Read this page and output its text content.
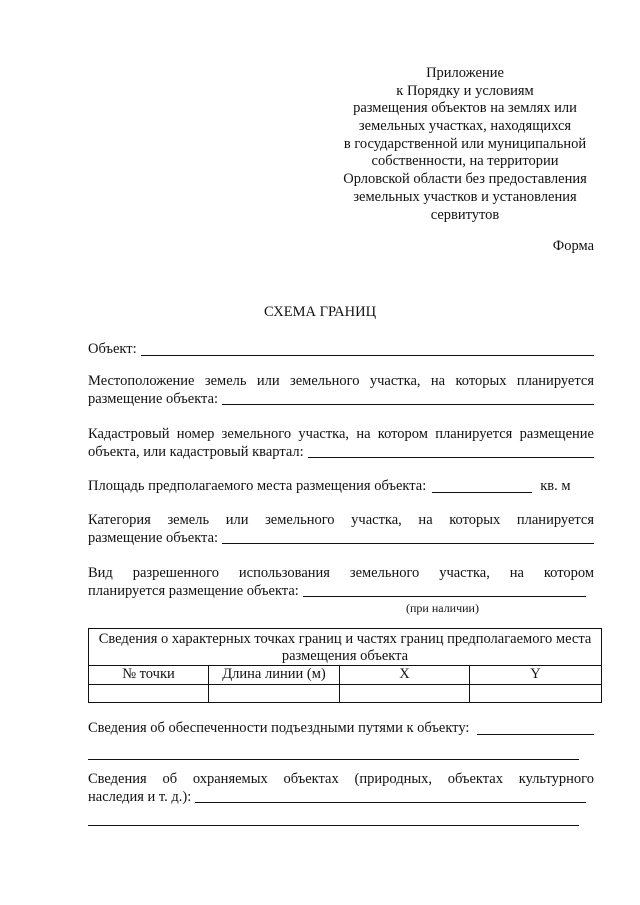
Приложение
к Порядку и условиям
размещения объектов на землях или
земельных участках, находящихся
в государственной или муниципальной
собственности, на территории
Орловской области без предоставления
земельных участков и установления
сервитутов
Форма
СХЕМА ГРАНИЦ
Объект:
Местоположение земель или земельного участка, на которых планируется
размещение объекта:
Кадастровый номер земельного участка, на котором планируется размещение
объекта, или кадастровый квартал:
Площадь предполагаемого места размещения объекта:	кв. м
Категория земель или земельного участка, на которых планируется
размещение объекта:
Вид разрешенного использования земельного участка, на котором
планируется размещение объекта:
(при наличии)
Сведения о характерных точках границ и частях границ предполагаемого места размещения объекта			
№ точки	Длина линии (м)	X	Y

Сведения об обеспеченности подъездными путями к объекту:
Сведения об охраняемых объектах (природных, объектах культурного
наследия и т. д.):
